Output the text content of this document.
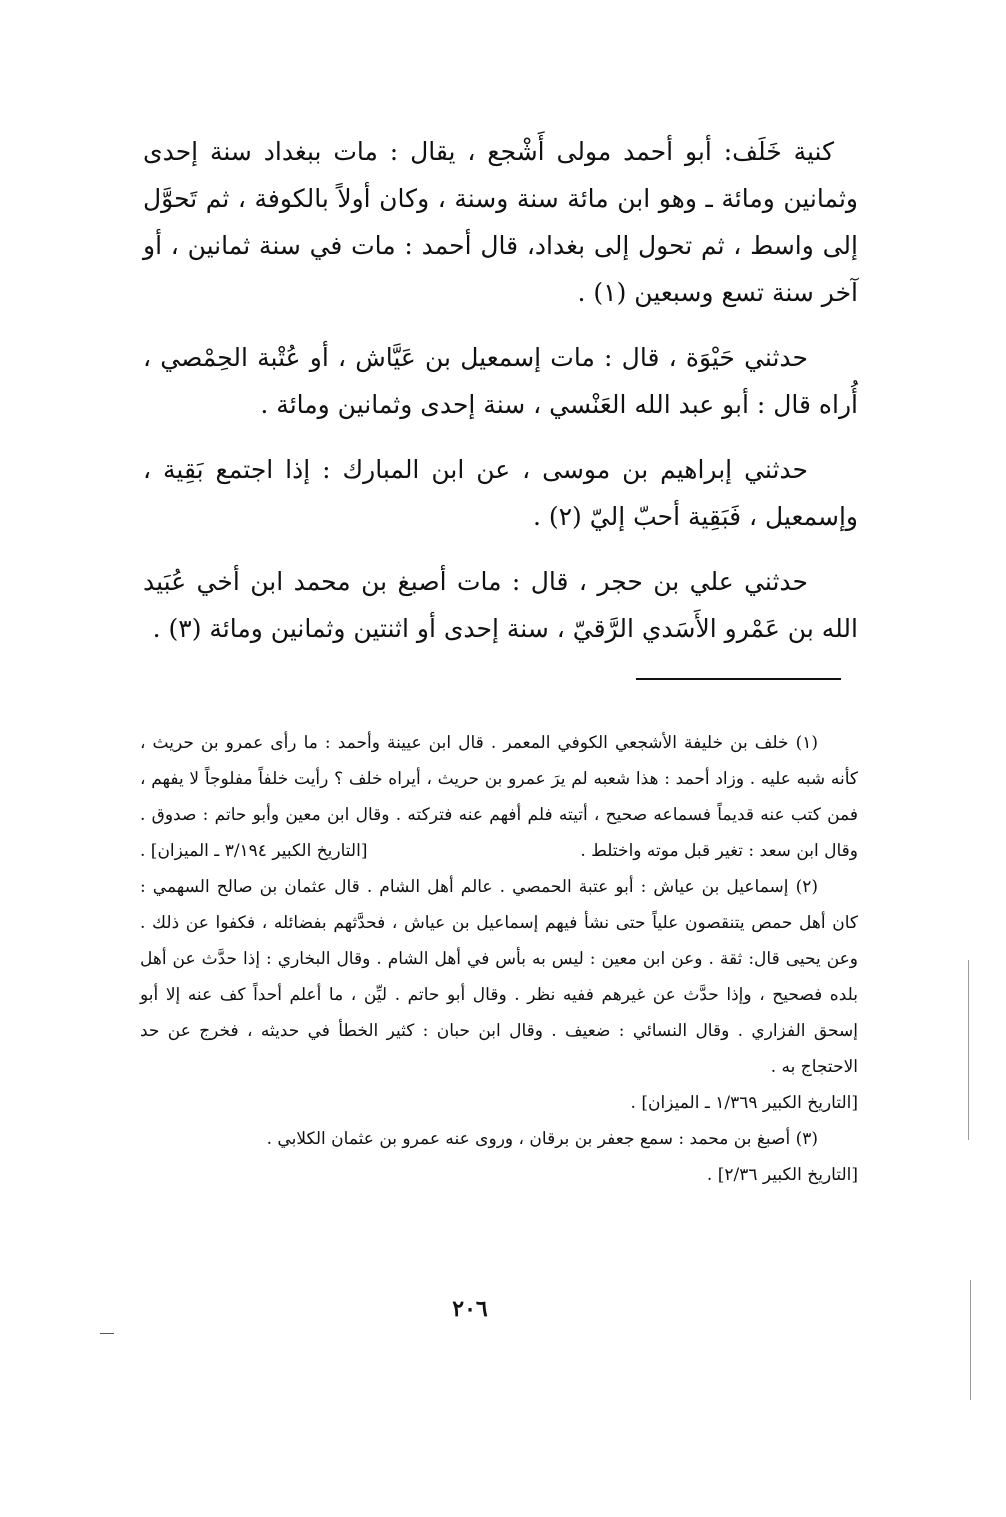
كنية خَلَف: أبو أحمد مولى أَشْجع ، يقال : مات ببغداد سنة إحدى وثمانين ومائة ـ وهو ابن مائة سنة وسنة ، وكان أولاً بالكوفة ، ثم تَحوَّل إلى واسط ، ثم تحول إلى بغداد، قال أحمد : مات في سنة ثمانين ، أو آخر سنة تسع وسبعين (١) .

حدثني حَيْوَة ، قال : مات إسمعيل بن عَيَّاش ، أو عُتْبة الحِمْصي ، أُراه قال : أبو عبد الله العَنْسي ، سنة إحدى وثمانين ومائة .

حدثني إبراهيم بن موسى ، عن ابن المبارك : إذا اجتمع بَقِية ، وإسمعيل ، فَبَقِية أحبّ إليّ (٢) .

حدثني علي بن حجر ، قال : مات أصبغ بن محمد ابن أخي عُبَيد الله بن عَمْرو الأَسَدي الرَّقيّ ، سنة إحدى أو اثنتين وثمانين ومائة (٣) .

(١) خلف بن خليفة الأشجعي الكوفي المعمر . قال ابن عيينة وأحمد : ما رأى عمرو بن حريث ، كأنه شبه عليه . وزاد أحمد : هذا شعبه لم يرَ عمرو بن حريث ، أيراه خلف ؟ رأيت خلفاً مفلوجاً لا يفهم ، فمن كتب عنه قديماً فسماعه صحيح ، أتيته فلم أفهم عنه فتركته . وقال ابن معين وأبو حاتم : صدوق . وقال ابن سعد : تغير قبل موته واختلط .
[التاريخ الكبير ٣/١٩٤ ـ الميزان] .

(٢) إسماعيل بن عياش : أبو عتبة الحمصي . عالم أهل الشام . قال عثمان بن صالح السهمي : كان أهل حمص يتنقصون علياً حتى نشأ فيهم إسماعيل بن عياش ، فحدَّثهم بفضائله ، فكفوا عن ذلك . وعن يحيى قال: ثقة . وعن ابن معين : ليس به بأس في أهل الشام . وقال البخاري : إذا حدَّث عن أهل بلده فصحيح ، وإذا حدَّث عن غيرهم ففيه نظر . وقال أبو حاتم . ليِّن ، ما أعلم أحداً كف عنه إلا أبو إسحق الفزاري . وقال النسائي : ضعيف . وقال ابن حبان : كثير الخطأ في حديثه ، فخرج عن حد الاحتجاج به .

[التاريخ الكبير ١/٣٦٩ ـ الميزان] .

(٣) أصبغ بن محمد : سمع جعفر بن برقان ، وروى عنه عمرو بن عثمان الكلابي .

[التاريخ الكبير ٢/٣٦] .

٢٠٦
